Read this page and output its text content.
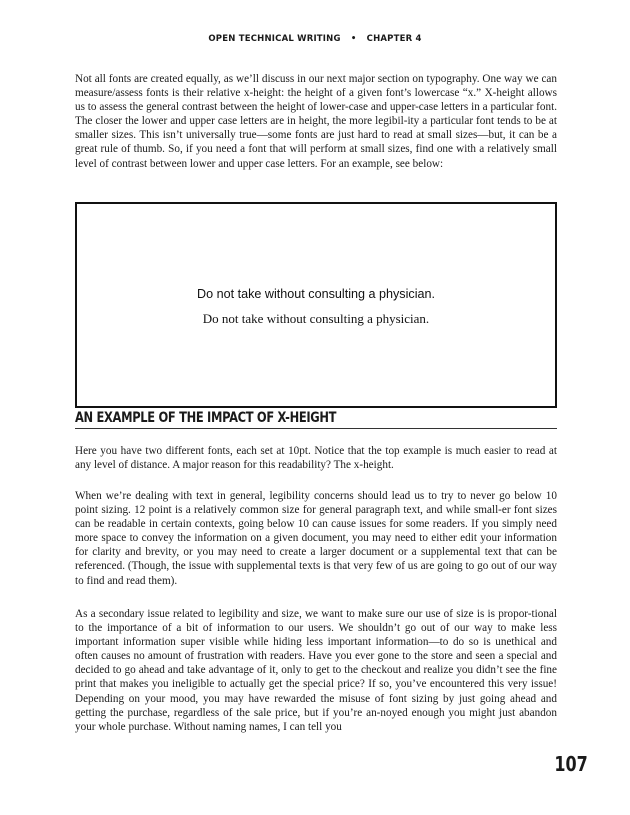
OPEN TECHNICAL WRITING • CHAPTER 4

Not all fonts are created equally, as we’ll discuss in our next major section on typography. One way we can measure/assess fonts is their relative x-height: the height of a given font’s lowercase “x.” X-height allows us to assess the general contrast between the height of lower-case and upper-case letters in a particular font. The closer the lower and upper case letters are in height, the more legibil-ity a particular font tends to be at smaller sizes. This isn’t universally true—some fonts are just hard to read at small sizes—but, it can be a great rule of thumb. So, if you need a font that will perform at small sizes, find one with a relatively small level of contrast between lower and upper case letters. For an example, see below:

Do not take without consulting a physician.
Do not take without consulting a physician.
AN EXAMPLE OF THE IMPACT OF X-HEIGHT

Here you have two different fonts, each set at 10pt. Notice that the top example is much easier to read at any level of distance. A major reason for this readability? The x-height.

When we’re dealing with text in general, legibility concerns should lead us to try to never go below 10 point sizing. 12 point is a relatively common size for general paragraph text, and while small-er font sizes can be readable in certain contexts, going below 10 can cause issues for some readers. If you simply need more space to convey the information on a given document, you may need to either edit your information for clarity and brevity, or you may need to create a larger document or a supplemental text that can be referenced. (Though, the issue with supplemental texts is that very few of us are going to go out of our way to find and read them).

As a secondary issue related to legibility and size, we want to make sure our use of size is is propor-tional to the importance of a bit of information to our users. We shouldn’t go out of our way to make less important information super visible while hiding less important information—to do so is unethical and often causes no amount of frustration with readers. Have you ever gone to the store and seen a special and decided to go ahead and take advantage of it, only to get to the checkout and realize you didn’t see the fine print that makes you ineligible to actually get the special price? If so, you’ve encountered this very issue! Depending on your mood, you may have rewarded the misuse of font sizing by just going ahead and getting the purchase, regardless of the sale price, but if you’re an-noyed enough you might just abandon your whole purchase. Without naming names, I can tell you

107
